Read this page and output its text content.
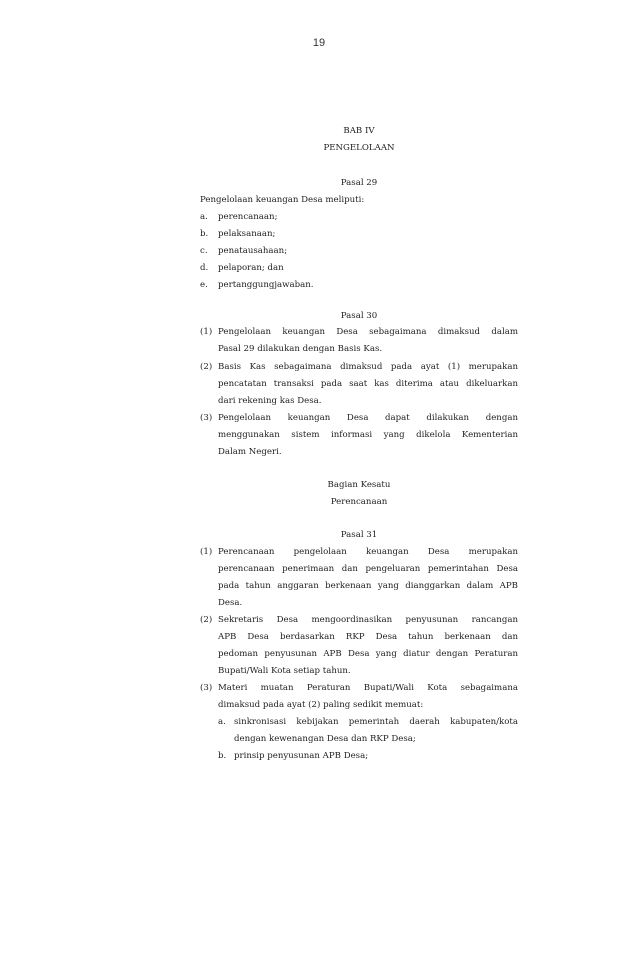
19
BAB IV
PENGELOLAAN
Pasal 29
Pengelolaan keuangan Desa meliputi:
a. perencanaan;
b. pelaksanaan;
c. penatausahaan;
d. pelaporan; dan
e. pertanggungjawaban.
Pasal 30
(1) Pengelolaan keuangan Desa sebagaimana dimaksud dalam
Pasal 29 dilakukan dengan Basis Kas.
(2) Basis Kas sebagaimana dimaksud pada ayat (1) merupakan
pencatatan transaksi pada saat kas diterima atau dikeluarkan
dari rekening kas Desa.
(3) Pengelolaan keuangan Desa dapat dilakukan dengan
menggunakan sistem informasi yang dikelola Kementerian
Dalam Negeri.
Bagian Kesatu
Perencanaan
Pasal 31
(1) Perencanaan pengelolaan keuangan Desa merupakan
perencanaan penerimaan dan pengeluaran pemerintahan Desa
pada tahun anggaran berkenaan yang dianggarkan dalam APB
Desa.
(2) Sekretaris Desa mengoordinasikan penyusunan rancangan
APB Desa berdasarkan RKP Desa tahun berkenaan dan
pedoman penyusunan APB Desa yang diatur dengan Peraturan
Bupati/Wali Kota setiap tahun.
(3) Materi muatan Peraturan Bupati/Wali Kota sebagaimana
dimaksud pada ayat (2) paling sedikit memuat:
a. sinkronisasi kebijakan pemerintah daerah kabupaten/kota
dengan kewenangan Desa dan RKP Desa;
b. prinsip penyusunan APB Desa;
